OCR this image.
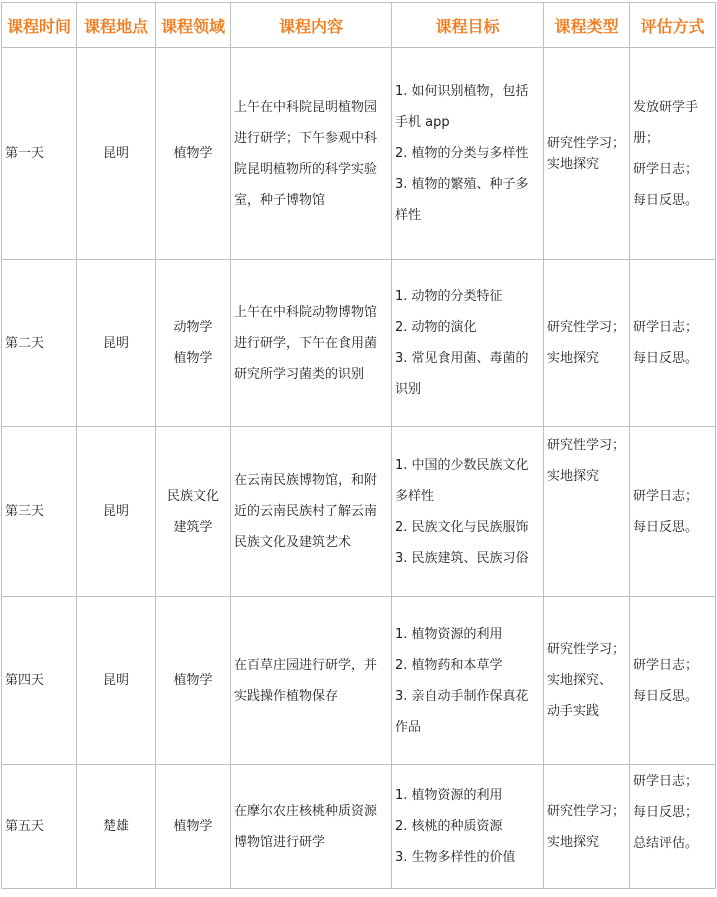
课程时间	课程地点	课程领域	课程内容	课程目标	课程类型	评估方式
第一天	昆明	植物学	上午在中科院昆明植物园
进行研学；下午参观中科
院昆明植物所的科学实验
室，种子博物馆	1. 如何识别植物，包括
手机 app
2. 植物的分类与多样性
3. 植物的繁殖、种子多
样性	研究性学习；
实地探究	发放研学手
册；
研学日志；
每日反思。

第二天	昆明	动物学
植物学	上午在中科院动物博物馆
进行研学，下午在食用菌
研究所学习菌类的识别	1. 动物的分类特征
2. 动物的演化
3. 常见食用菌、毒菌的
识别	研究性学习；
实地探究	研学日志；
每日反思。

第三天	昆明	民族文化
建筑学	在云南民族博物馆，和附
近的云南民族村了解云南
民族文化及建筑艺术	1. 中国的少数民族文化
多样性
2. 民族文化与民族服饰
3. 民族建筑、民族习俗	研究性学习；
实地探究	研学日志；
每日反思。

第四天	昆明	植物学	在百草庄园进行研学，并
实践操作植物保存	1. 植物资源的利用
2. 植物药和本草学
3. 亲自动手制作保真花
作品	研究性学习；
实地探究、
动手实践	研学日志；
每日反思。

第五天	楚雄	植物学	在摩尔农庄核桃种质资源
博物馆进行研学	1. 植物资源的利用
2. 核桃的种质资源
3. 生物多样性的价值	研究性学习；
实地探究	研学日志；
每日反思；
总结评估。
